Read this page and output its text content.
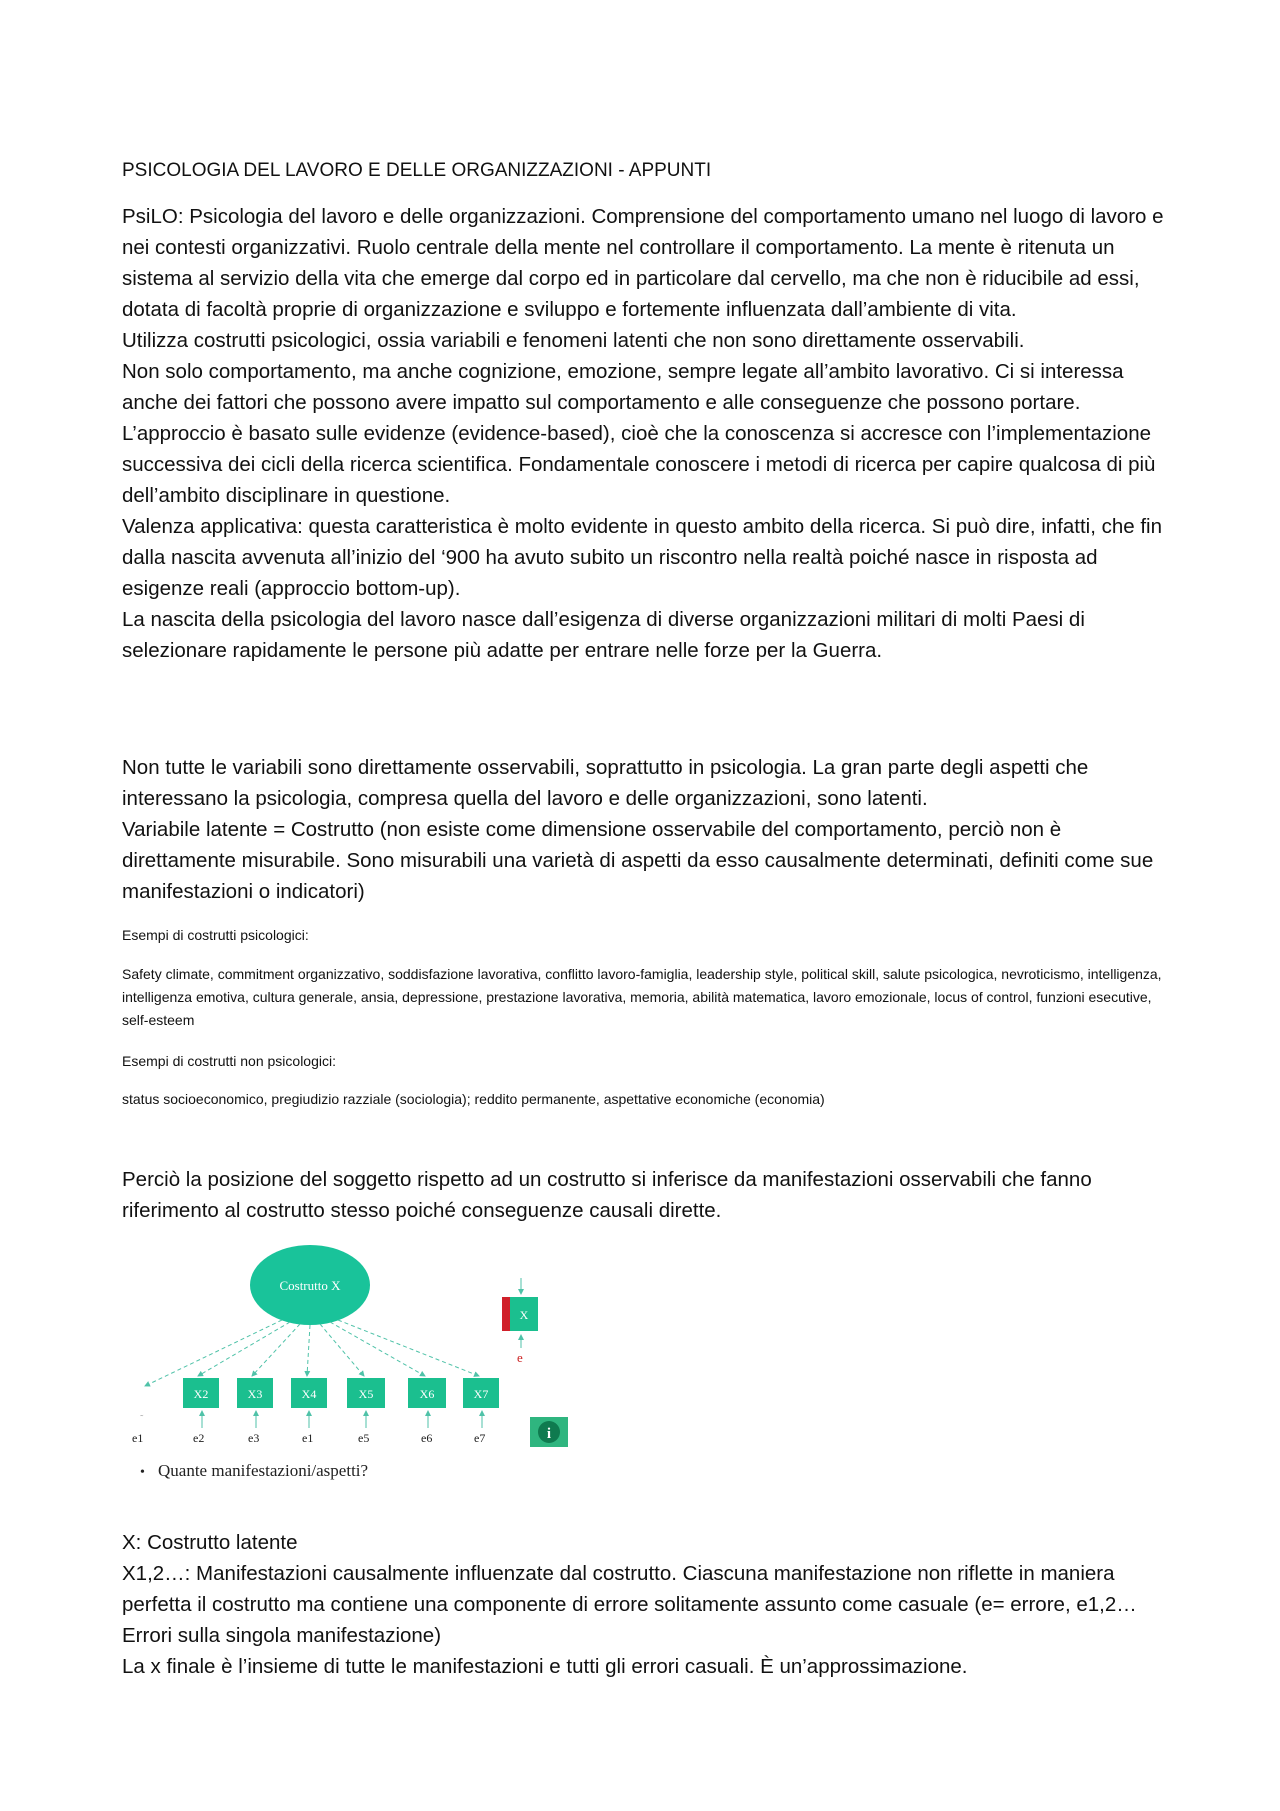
PSICOLOGIA DEL LAVORO E DELLE ORGANIZZAZIONI - APPUNTI

PsiLO: Psicologia del lavoro e delle organizzazioni. Comprensione del comportamento umano nel luogo di lavoro e nei contesti organizzativi. Ruolo centrale della mente nel controllare il comportamento. La mente è ritenuta un sistema al servizio della vita che emerge dal corpo ed in particolare dal cervello, ma che non è riducibile ad essi, dotata di facoltà proprie di organizzazione e sviluppo e fortemente influenzata dall’ambiente di vita.

Utilizza costrutti psicologici, ossia variabili e fenomeni latenti che non sono direttamente osservabili.

Non solo comportamento, ma anche cognizione, emozione, sempre legate all’ambito lavorativo. Ci si interessa anche dei fattori che possono avere impatto sul comportamento e alle conseguenze che possono portare.

L’approccio è basato sulle evidenze (evidence-based), cioè che la conoscenza si accresce con l’implementazione successiva dei cicli della ricerca scientifica. Fondamentale conoscere i metodi di ricerca per capire qualcosa di più dell’ambito disciplinare in questione.

Valenza applicativa: questa caratteristica è molto evidente in questo ambito della ricerca. Si può dire, infatti, che fin dalla nascita avvenuta all’inizio del ‘900 ha avuto subito un riscontro nella realtà poiché nasce in risposta ad esigenze reali (approccio bottom-up).

La nascita della psicologia del lavoro nasce dall’esigenza di diverse organizzazioni militari di molti Paesi di selezionare rapidamente le persone più adatte per entrare nelle forze per la Guerra.

Non tutte le variabili sono direttamente osservabili, soprattutto in psicologia. La gran parte degli aspetti che interessano la psicologia, compresa quella del lavoro e delle organizzazioni, sono latenti.

Variabile latente = Costrutto (non esiste come dimensione osservabile del comportamento, perciò non è direttamente misurabile. Sono misurabili una varietà di aspetti da esso causalmente determinati, definiti come sue manifestazioni o indicatori)

Esempi di costrutti psicologici:
Safety climate, commitment organizzativo, soddisfazione lavorativa, conflitto lavoro-famiglia, leadership style, political skill, salute psicologica, nevroticismo, intelligenza, intelligenza emotiva, cultura generale, ansia, depressione, prestazione lavorativa, memoria, abilità matematica, lavoro emozionale, locus of control, funzioni esecutive, self-esteem
Esempi di costrutti non psicologici:
status socioeconomico, pregiudizio razziale (sociologia); reddito permanente, aspettative economiche (economia)
Perciò la posizione del soggetto rispetto ad un costrutto si inferisce da manifestazioni osservabili che fanno riferimento al costrutto stesso poiché conseguenze causali dirette.
Costrutto X
X2	X3	X4	X5	X6	X7
˜
e1	e2	e3	e1	e5	e6	e7
X
e
i
• Quante manifestazioni/aspetti?

X: Costrutto latente

X1,2…: Manifestazioni causalmente influenzate dal costrutto. Ciascuna manifestazione non riflette in maniera perfetta il costrutto ma contiene una componente di errore solitamente assunto come casuale (e= errore, e1,2… Errori sulla singola manifestazione)

La x finale è l’insieme di tutte le manifestazioni e tutti gli errori casuali. È un’approssimazione.
